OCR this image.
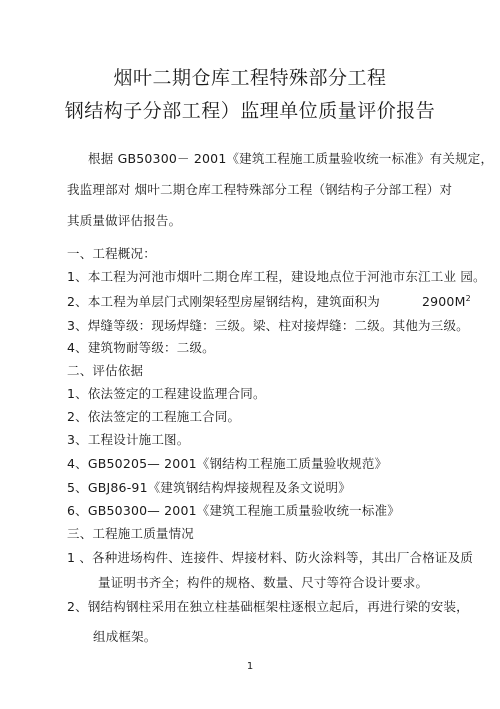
烟叶二期仓库工程特殊部分工程
钢结构子分部工程）监理单位质量评价报告
根据 GB50300－ 2001《建筑工程施工质量验收统一标准》有关规定，
我监理部对 烟叶二期仓库工程特殊部分工程（钢结构子分部工程）对
其质量做评估报告。
一、工程概况：
1、本工程为河池市烟叶二期仓库工程，建设地点位于河池市东江工业 园。
2、本工程为单层门式刚架轻型房屋钢结构，建筑面积为	$2900M^2$
3、焊缝等级：现场焊缝：三级。梁、柱对接焊缝：二级。其他为三级。
4、建筑物耐等级：二级。
二、评估依据
1、依法签定的工程建设监理合同。
2、依法签定的工程施工合同。
3、工程设计施工图。
4、GB50205— 2001《钢结构工程施工质量验收规范》
5、GBJ86-91《建筑钢结构焊接规程及条文说明》
6、GB50300— 2001《建筑工程施工质量验收统一标准》
三、工程施工质量情况
1 、各种进场构件、连接件、焊接材料、防火涂料等，其出厂合格证及质
量证明书齐全；构件的规格、数量、尺寸等符合设计要求。
2、钢结构钢柱采用在独立柱基础框架柱逐根立起后，再进行梁的安装，
组成框架。
1
